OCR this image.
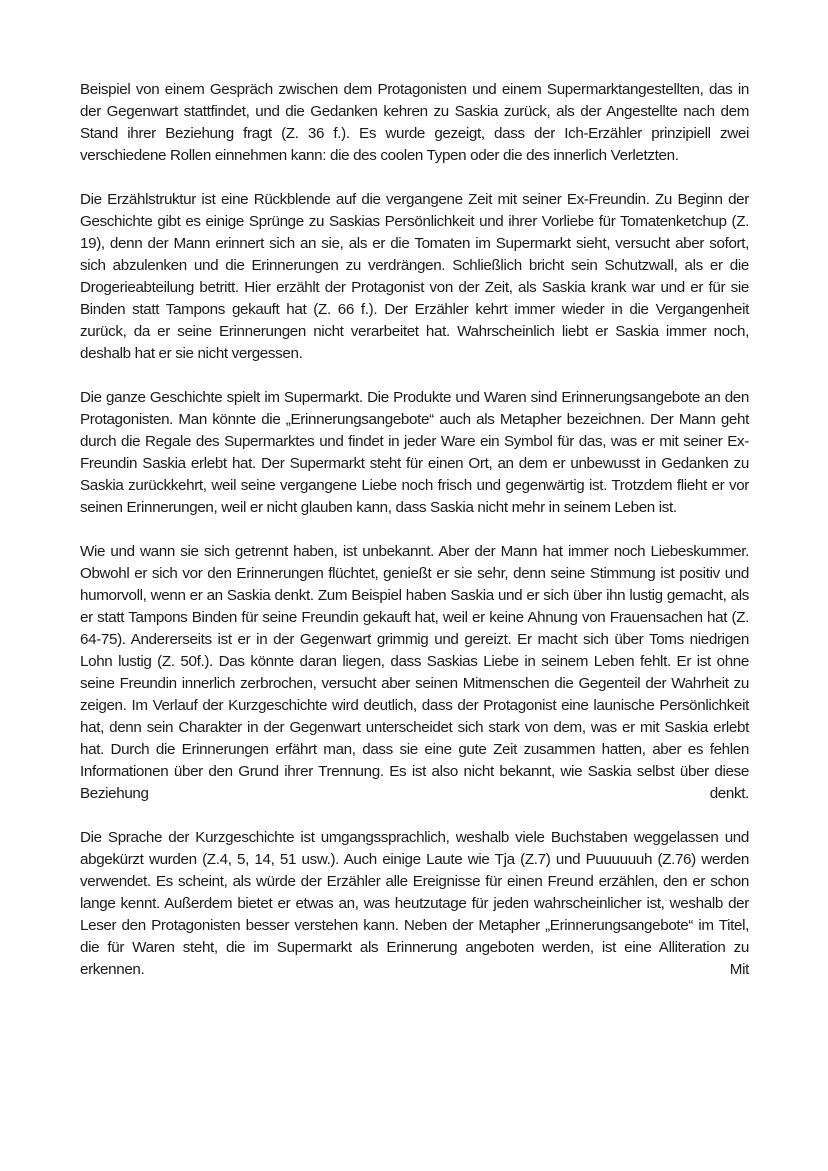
Beispiel von einem Gespräch zwischen dem Protagonisten und einem Supermarktangestellten, das in der Gegenwart stattfindet, und die Gedanken kehren zu Saskia zurück, als der Angestellte nach dem Stand ihrer Beziehung fragt (Z. 36 f.). Es wurde gezeigt, dass der Ich-Erzähler prinzipiell zwei verschiedene Rollen einnehmen kann: die des coolen Typen oder die des innerlich Verletzten.

Die Erzählstruktur ist eine Rückblende auf die vergangene Zeit mit seiner Ex-Freundin. Zu Beginn der Geschichte gibt es einige Sprünge zu Saskias Persönlichkeit und ihrer Vorliebe für Tomatenketchup (Z. 19), denn der Mann erinnert sich an sie, als er die Tomaten im Supermarkt sieht, versucht aber sofort, sich abzulenken und die Erinnerungen zu verdrängen. Schließlich bricht sein Schutzwall, als er die Drogerieabteilung betritt. Hier erzählt der Protagonist von der Zeit, als Saskia krank war und er für sie Binden statt Tampons gekauft hat (Z. 66 f.). Der Erzähler kehrt immer wieder in die Vergangenheit zurück, da er seine Erinnerungen nicht verarbeitet hat. Wahrscheinlich liebt er Saskia immer noch, deshalb hat er sie nicht vergessen.

Die ganze Geschichte spielt im Supermarkt. Die Produkte und Waren sind Erinnerungsangebote an den Protagonisten. Man könnte die „Erinnerungsangebote“ auch als Metapher bezeichnen. Der Mann geht durch die Regale des Supermarktes und findet in jeder Ware ein Symbol für das, was er mit seiner Ex-Freundin Saskia erlebt hat. Der Supermarkt steht für einen Ort, an dem er unbewusst in Gedanken zu Saskia zurückkehrt, weil seine vergangene Liebe noch frisch und gegenwärtig ist. Trotzdem flieht er vor seinen Erinnerungen, weil er nicht glauben kann, dass Saskia nicht mehr in seinem Leben ist.

Wie und wann sie sich getrennt haben, ist unbekannt. Aber der Mann hat immer noch Liebeskummer. Obwohl er sich vor den Erinnerungen flüchtet, genießt er sie sehr, denn seine Stimmung ist positiv und humorvoll, wenn er an Saskia denkt. Zum Beispiel haben Saskia und er sich über ihn lustig gemacht, als er statt Tampons Binden für seine Freundin gekauft hat, weil er keine Ahnung von Frauensachen hat (Z. 64-75). Andererseits ist er in der Gegenwart grimmig und gereizt. Er macht sich über Toms niedrigen Lohn lustig (Z. 50f.). Das könnte daran liegen, dass Saskias Liebe in seinem Leben fehlt. Er ist ohne seine Freundin innerlich zerbrochen, versucht aber seinen Mitmenschen die Gegenteil der Wahrheit zu zeigen. Im Verlauf der Kurzgeschichte wird deutlich, dass der Protagonist eine launische Persönlichkeit hat, denn sein Charakter in der Gegenwart unterscheidet sich stark von dem, was er mit Saskia erlebt hat. Durch die Erinnerungen erfährt man, dass sie eine gute Zeit zusammen hatten, aber es fehlen Informationen über den Grund ihrer Trennung. Es ist also nicht bekannt, wie Saskia selbst über diese Beziehung denkt.

Die Sprache der Kurzgeschichte ist umgangssprachlich, weshalb viele Buchstaben weggelassen und abgekürzt wurden (Z.4, 5, 14, 51 usw.). Auch einige Laute wie Tja (Z.7) und Puuuuuuh (Z.76) werden verwendet. Es scheint, als würde der Erzähler alle Ereignisse für einen Freund erzählen, den er schon lange kennt. Außerdem bietet er etwas an, was heutzutage für jeden wahrscheinlicher ist, weshalb der Leser den Protagonisten besser verstehen kann. Neben der Metapher „Erinnerungsangebote“ im Titel, die für Waren steht, die im Supermarkt als Erinnerung angeboten werden, ist eine Alliteration zu erkennen. Mit
